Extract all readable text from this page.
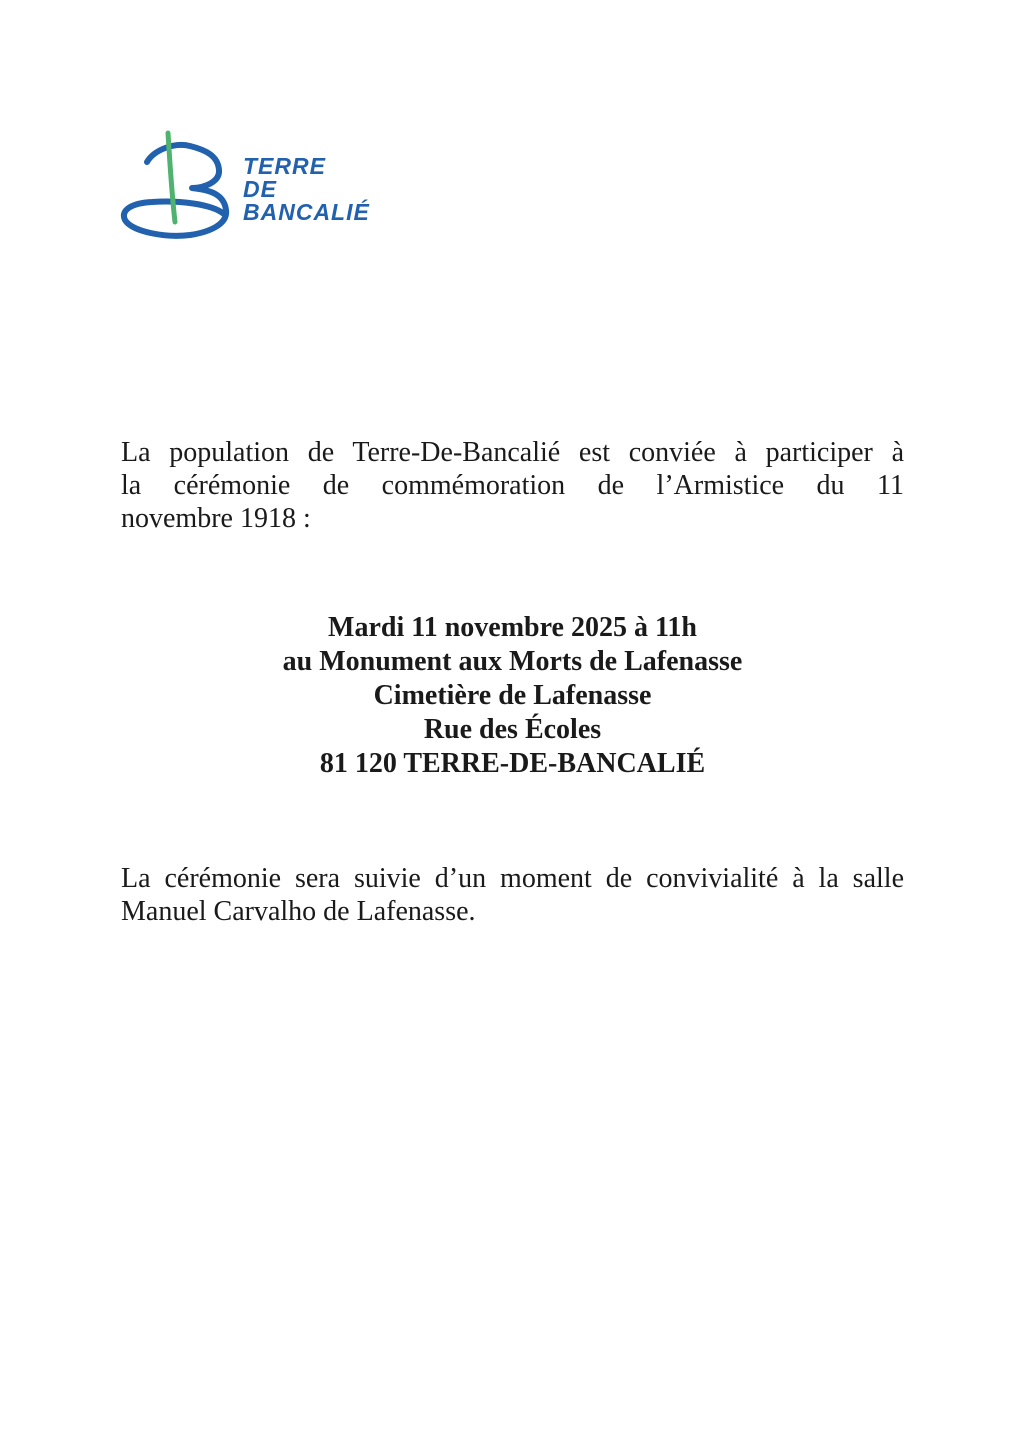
TERRE
DE
BANCALIÉ
La population de Terre-De-Bancalié est conviée à participer à
la cérémonie de commémoration de l’Armistice du 11
novembre 1918 :
Mardi 11 novembre 2025 à 11h
au Monument aux Morts de Lafenasse
Cimetière de Lafenasse
Rue des Écoles
81 120 TERRE-DE-BANCALIÉ
La cérémonie sera suivie d’un moment de convivialité à la salle
Manuel Carvalho de Lafenasse.
